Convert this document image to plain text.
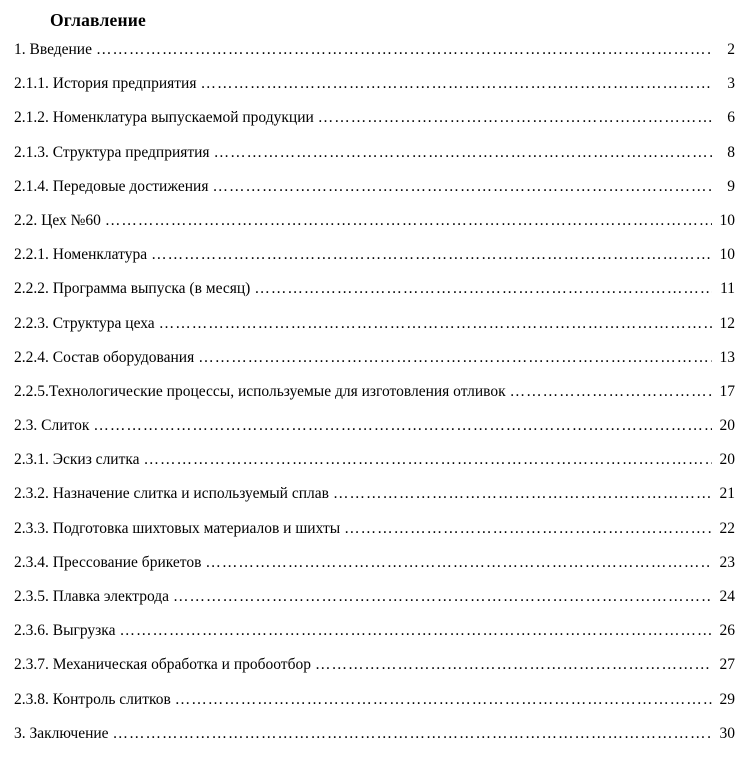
Оглавление
1. Введение ………………………………………………………………………………………………………………………………………………………………………………	2
2.1.1. История предприятия ………………………………………………………………………………………………………………………………………………………………………………	3
2.1.2. Номенклатура выпускаемой продукции ………………………………………………………………………………………………………………………………………………………………………………	6
2.1.3. Структура предприятия ………………………………………………………………………………………………………………………………………………………………………………	8
2.1.4. Передовые достижения ………………………………………………………………………………………………………………………………………………………………………………	9
2.2. Цех №60 ………………………………………………………………………………………………………………………………………………………………………………	10
2.2.1. Номенклатура ………………………………………………………………………………………………………………………………………………………………………………	10
2.2.2. Программа выпуска (в месяц) ………………………………………………………………………………………………………………………………………………………………………………	11
2.2.3. Структура цеха ………………………………………………………………………………………………………………………………………………………………………………	12
2.2.4. Состав оборудования ………………………………………………………………………………………………………………………………………………………………………………	13
2.2.5.Технологические процессы, используемые для изготовления отливок ………………………………………………………………………………………………………………………………………………………………………………	17
2.3. Слиток ………………………………………………………………………………………………………………………………………………………………………………	20
2.3.1. Эскиз слитка ………………………………………………………………………………………………………………………………………………………………………………	20
2.3.2. Назначение слитка и используемый сплав ………………………………………………………………………………………………………………………………………………………………………………	21
2.3.3. Подготовка шихтовых материалов и шихты ………………………………………………………………………………………………………………………………………………………………………………	22
2.3.4. Прессование брикетов ………………………………………………………………………………………………………………………………………………………………………………	23
2.3.5. Плавка электрода ………………………………………………………………………………………………………………………………………………………………………………	24
2.3.6. Выгрузка ………………………………………………………………………………………………………………………………………………………………………………	26
2.3.7. Механическая обработка и пробоотбор ………………………………………………………………………………………………………………………………………………………………………………	27
2.3.8. Контроль слитков ………………………………………………………………………………………………………………………………………………………………………………	29
3. Заключение ………………………………………………………………………………………………………………………………………………………………………………	30
